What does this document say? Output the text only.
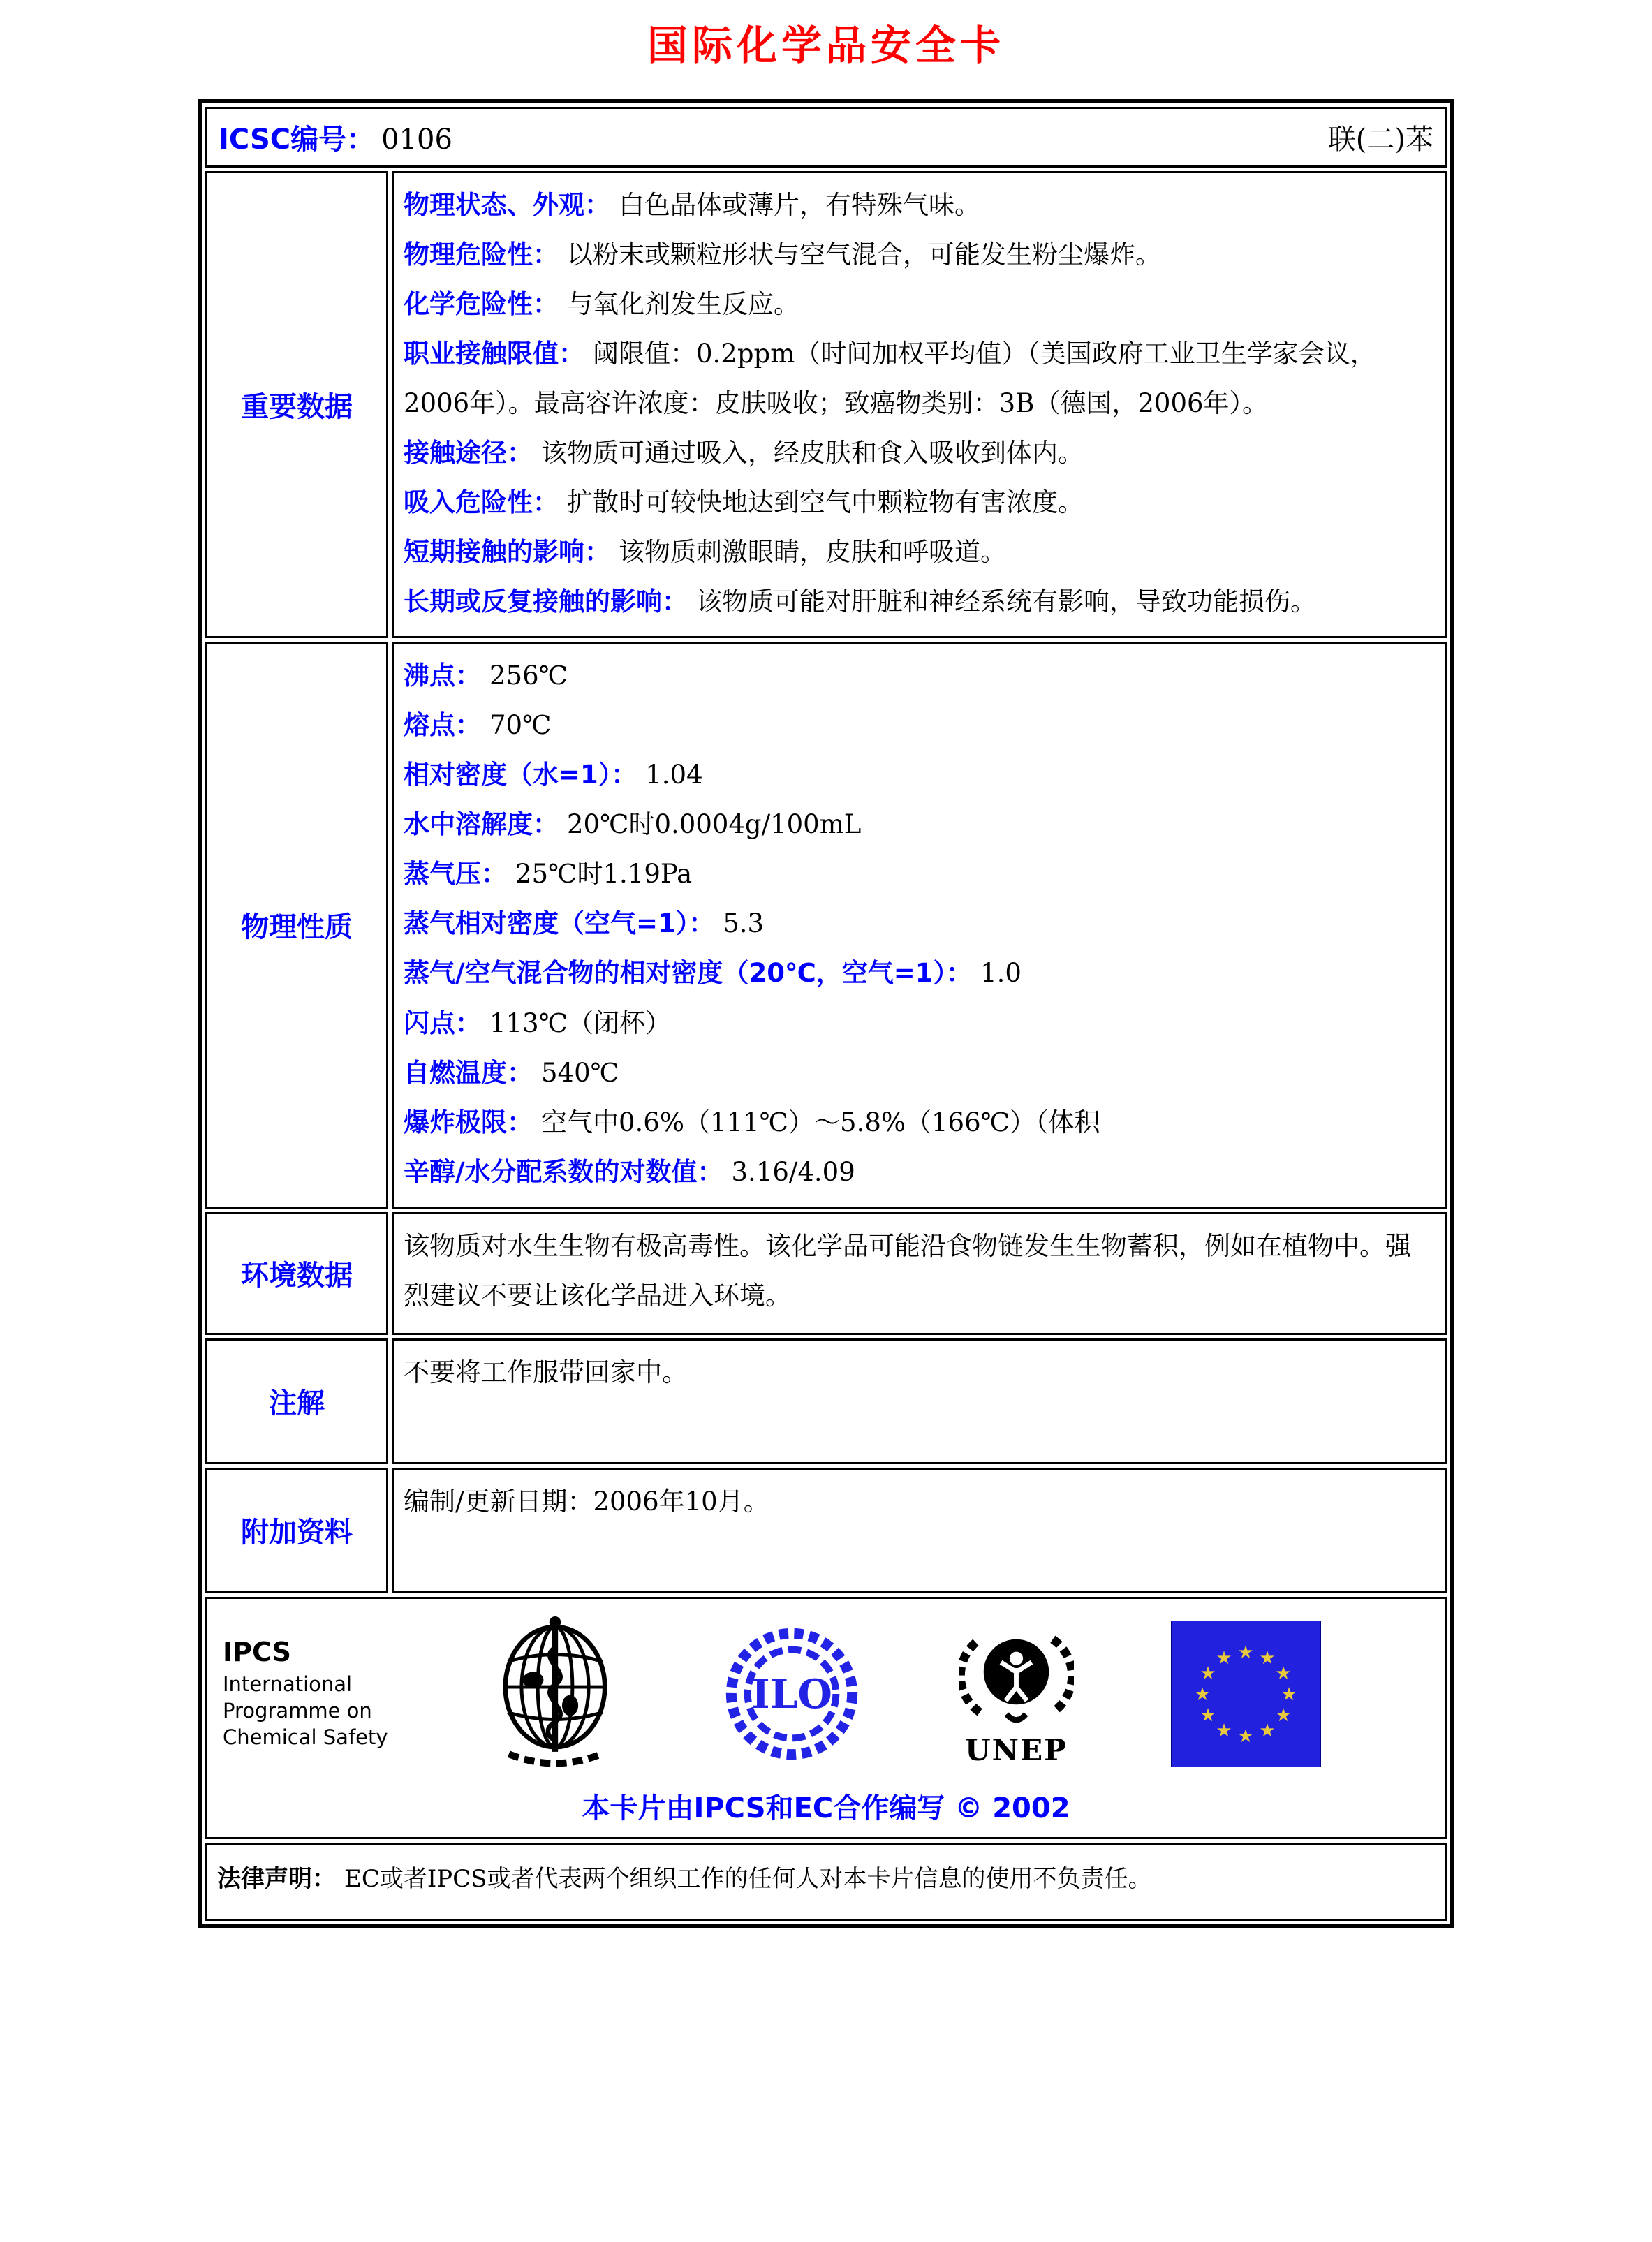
国际化学品安全卡
ICSC编号： 0106 联(二)苯	

重要数据	
物理状态、外观： 白色晶体或薄片，有特殊气味。
物理危险性： 以粉末或颗粒形状与空气混合，可能发生粉尘爆炸。
化学危险性： 与氧化剂发生反应。
职业接触限值： 阈限值：0.2ppm（时间加权平均值）（美国政府工业卫生学家会议，2006年）。最高容许浓度：皮肤吸收；致癌物类别：3B（德国，2006年）。
接触途径： 该物质可通过吸入，经皮肤和食入吸收到体内。
吸入危险性： 扩散时可较快地达到空气中颗粒物有害浓度。
短期接触的影响： 该物质刺激眼睛，皮肤和呼吸道。
长期或反复接触的影响： 该物质可能对肝脏和神经系统有影响，导致功能损伤。

物理性质	
沸点： 256℃
熔点： 70℃
相对密度（水=1）： 1.04
水中溶解度： 20℃时0.0004g/100mL
蒸气压： 25℃时1.19Pa
蒸气相对密度（空气=1）： 5.3
蒸气/空气混合物的相对密度（20℃，空气=1）： 1.0
闪点： 113℃（闭杯）
自燃温度： 540℃
爆炸极限： 空气中0.6%（111℃）～5.8%（166℃）（体积
辛醇/水分配系数的对数值： 3.16/4.09

环境数据	该物质对水生生物有极高毒性。该化学品可能沿食物链发生生物蓄积，例如在植物中。强烈建议不要让该化学品进入环境。

注解	不要将工作服带回家中。

附加资料	编制/更新日期：2006年10月。

IPCS
International
Programme on
Chemical Safety
ILO
UNEP
★ ★
★
★
★
★
★
★
★
★
★
★
本卡片由IPCS和EC合作编写 © 2002

法律声明： EC或者IPCS或者代表两个组织工作的任何人对本卡片信息的使用不负责任。	
